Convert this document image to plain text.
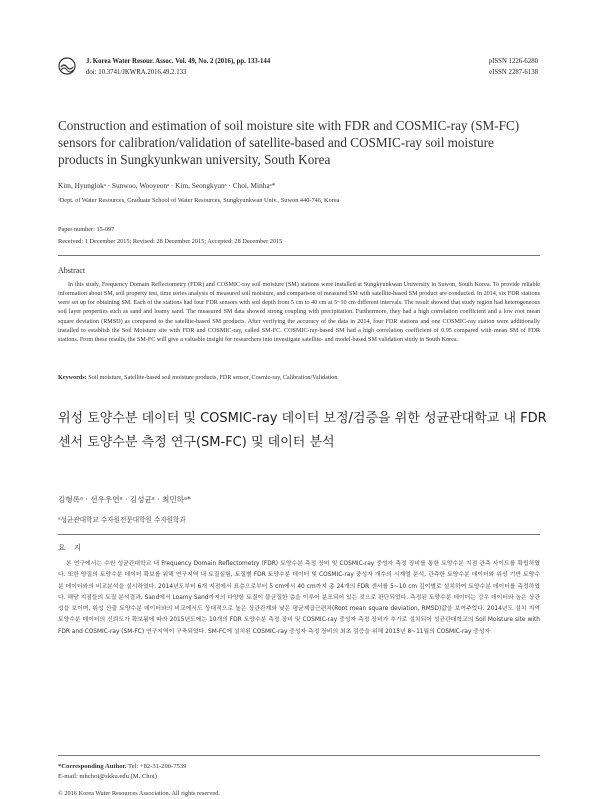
J. Korea Water Resour. Assoc. Vol. 49, No. 2 (2016), pp. 133-144
doi: 10.3741/JKWRA.2016.49.2.133
pISSN 1226-6280
eISSN 2287-6138
Construction and estimation of soil moisture site with FDR and COSMIC-ray (SM-FC) sensors for calibration/validation of satellite-based and COSMIC-ray soil moisture products in Sungkyunkwan university, South Korea
Kim, Hyunglokᵃ · Sunwoo, Wooyeonᵃ · Kim, Seongkyunᵃ · Choi, Minhaᵃ*
ᵃDept. of Water Resources, Graduate School of Water Resources, Sungkyunkwan Univ., Suwon 440-746, Korea
Paper number: 15-097
Received: 1 December 2015; Revised: 28 December 2015; Accepted: 28 December 2015
Abstract
In this study, Frequency Domain Reflectometry (FDR) and COSMIC-ray soil moisture (SM) stations were installed at Sungkyunkwan University in Suwon, South Korea. To provide reliable information about SM, soil property test, time series analysis of measured soil moisture, and comparison of measured SM with satellite-based SM product are conducted. In 2014, six FDR stations were set up for obtaining SM. Each of the stations had four FDR sensors with soil depth from 5 cm to 40 cm at 5~10 cm different intervals. The result showed that study region had heterogeneous soil layer properties such as sand and loamy sand. The measured SM data showed strong coupling with precipitation. Furthermore, they had a high correlation coefficient and a low root mean square deviation (RMSD) as compared to the satellite-based SM products. After verifying the accuracy of the data in 2014, four FDR stations and one COSMIC-ray station were additionally installed to establish the Soil Moisture site with FDR and COSMIC-ray, called SM-FC. COSMIC-ray-based SM had a high correlation coefficient of 0.95 compared with mean SM of FDR stations. From these results, the SM-FC will give a valuable insight for researchers into investigate satellite- and model-based SM validation study in South Korea.
Keywords: Soil moisture, Satellite-based soil moisture products, FDR sensor, Cosmic-ray, Calibration/Validation
위성 토양수분 데이터 및 COSMIC-ray 데이터 보정/검증을 위한 성균관대학교 내 FDR 센서 토양수분 측정 연구(SM-FC) 및 데이터 분석
김형록ᵃ · 선우우연ᵃ · 김성균ᵃ · 최민하ᵃ*
ᵃ성균관대학교 수자원전문대학원 수자원학과
요 지
본 연구에서는 수원 성균관대학교 내 Frequency Domain Reflectometry (FDR) 토양수분 측정 장비 및 COSMIC-ray 중성자 측정 장비를 통한 토양수분 지점 관측 사이트를 확립하였다. 또한 양질의 토양수분 데이터 확보를 위해 연구지역 내 토질실험, 토질별 FDR 토양수분 데이터 및 COSMIC-ray 중성자 개수의 시계열 분석, 관측한 토양수분 데이터와 위성 기반 토양수분 데이터와의 비교분석을 실시하였다. 2014년도부터 6개 지점에서 표층으로부터 5 cm에서 40 cm까지 총 24개의 FDR 센서를 5~10 cm 깊이별로 설치하여 토양수분 데이터를 측정하였다. 해당 지점들의 토질 분석결과, Sand에서 Loamy Sand까지의 다양한 토질이 불균질한 층을 이루어 분포되어 있는 것으로 판단되었다. 측정된 토양수분 데이터는 강우 데이터와 높은 상관성을 보이며, 위성 산출 토양수분 데이터와의 비교에서도 상대적으로 높은 상관관계와 낮은 평균제곱근편차(Root mean square deviation, RMSD)값을 보여주었다. 2014년도 설치 지역 토양수분 데이터의 신뢰도가 확보됨에 따라 2015년도에는 10개의 FDR 토양수분 측정 장비 및 COSMIC-ray 중성자 측정 장비가 추가로 설치되어 성균관대학교의 Soil Moisture site with FDR and COSMIC-ray (SM-FC) 연구지역이 구축되었다. SM-FC에 설치된 COSMIC-ray 중성자 측정 장비의 최초 검증을 위해 2015년 8~11월의 COSMIC-ray 중성자
*Corresponding Author. Tel: +82-31-290-7539
E-mail: mhchoi@skku.edu (M. Choi)
© 2016 Korea Water Resources Association. All rights reserved.
